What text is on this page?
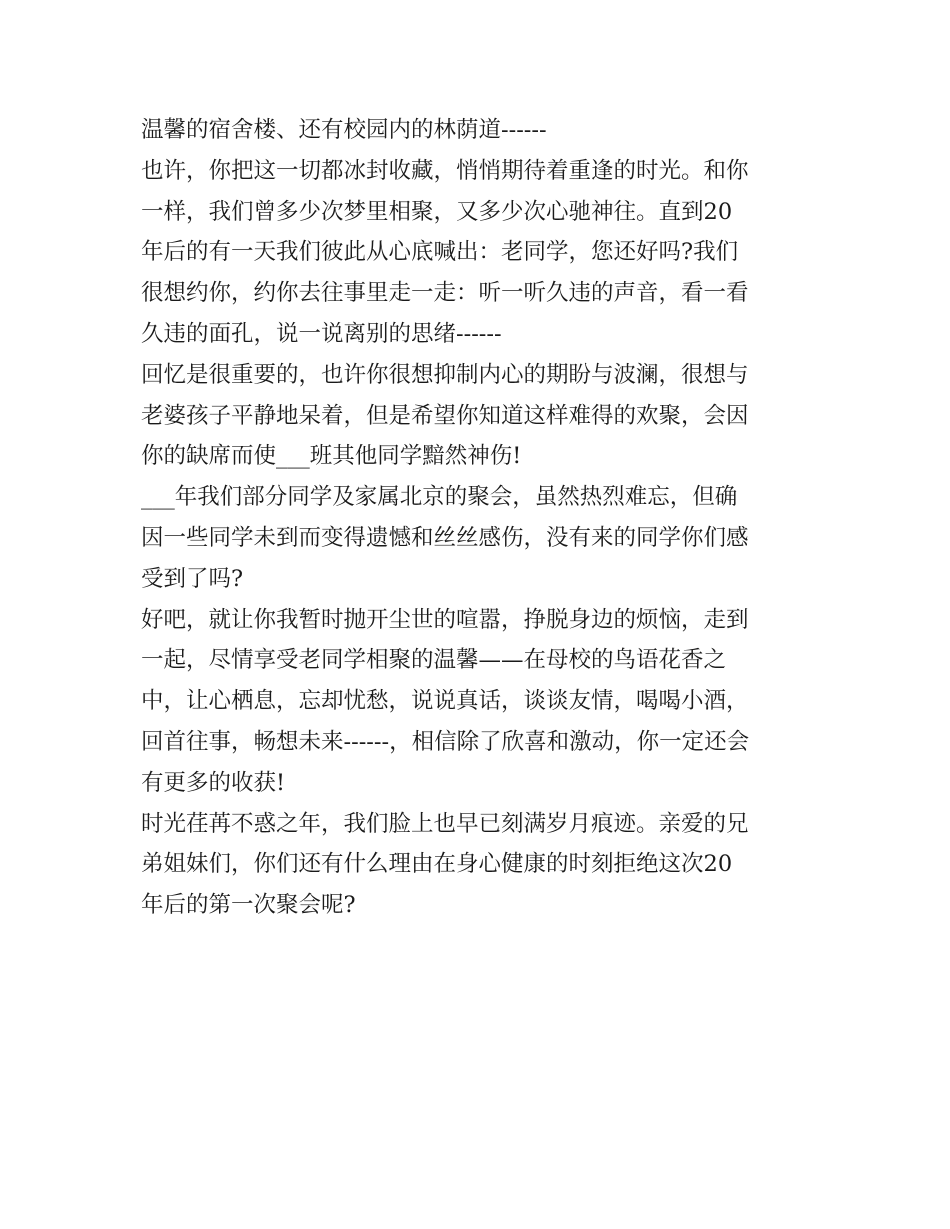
温馨的宿舍楼、还有校园内的林荫道------
也许，你把这一切都冰封收藏，悄悄期待着重逢的时光。和你
一样，我们曾多少次梦里相聚，又多少次心驰神往。直到20
年后的有一天我们彼此从心底喊出：老同学，您还好吗?我们
很想约你，约你去往事里走一走：听一听久违的声音，看一看
久违的面孔，说一说离别的思绪------
回忆是很重要的，也许你很想抑制内心的期盼与波澜，很想与
老婆孩子平静地呆着，但是希望你知道这样难得的欢聚，会因
你的缺席而使___班其他同学黯然神伤!
___年我们部分同学及家属北京的聚会，虽然热烈难忘，但确
因一些同学未到而变得遗憾和丝丝感伤，没有来的同学你们感
受到了吗?
好吧，就让你我暂时抛开尘世的喧嚣，挣脱身边的烦恼，走到
一起，尽情享受老同学相聚的温馨——在母校的鸟语花香之
中，让心栖息，忘却忧愁，说说真话，谈谈友情，喝喝小酒，
回首往事，畅想未来------，相信除了欣喜和激动，你一定还会
有更多的收获!
时光荏苒不惑之年，我们脸上也早已刻满岁月痕迹。亲爱的兄
弟姐妹们，你们还有什么理由在身心健康的时刻拒绝这次20
年后的第一次聚会呢?
